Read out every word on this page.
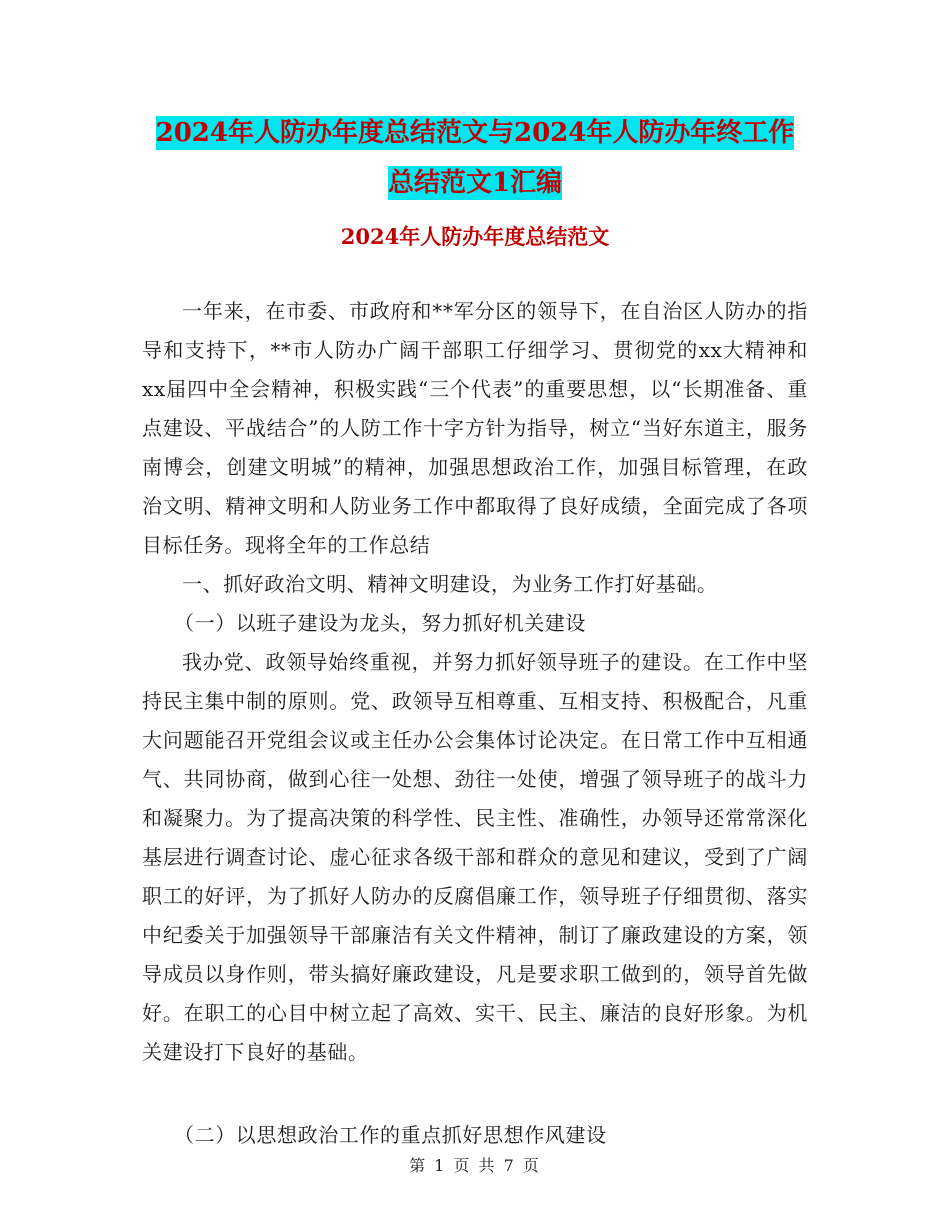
2024年人防办年度总结范文与2024年人防办年终工作
总结范文1汇编
2024年人防办年度总结范文

一年来，在市委、市政府和**军分区的领导下，在自治区人防办的指导和支持下，**市人防办广阔干部职工仔细学习、贯彻党的xx大精神和xx届四中全会精神，积极实践“三个代表”的重要思想，以“长期准备、重点建设、平战结合”的人防工作十字方针为指导，树立“当好东道主，服务南博会，创建文明城”的精神，加强思想政治工作，加强目标管理，在政治文明、精神文明和人防业务工作中都取得了良好成绩，全面完成了各项目标任务。现将全年的工作总结

一、抓好政治文明、精神文明建设，为业务工作打好基础。

（一）以班子建设为龙头，努力抓好机关建设

我办党、政领导始终重视，并努力抓好领导班子的建设。在工作中坚持民主集中制的原则。党、政领导互相尊重、互相支持、积极配合，凡重大问题能召开党组会议或主任办公会集体讨论决定。在日常工作中互相通气、共同协商，做到心往一处想、劲往一处使，增强了领导班子的战斗力和凝聚力。为了提高决策的科学性、民主性、准确性，办领导还常常深化基层进行调查讨论、虚心征求各级干部和群众的意见和建议，受到了广阔职工的好评，为了抓好人防办的反腐倡廉工作，领导班子仔细贯彻、落实中纪委关于加强领导干部廉洁有关文件精神，制订了廉政建设的方案，领导成员以身作则，带头搞好廉政建设，凡是要求职工做到的，领导首先做好。在职工的心目中树立起了高效、实干、民主、廉洁的良好形象。为机关建设打下良好的基础。

（二）以思想政治工作的重点抓好思想作风建设

第 1 页 共 7 页
